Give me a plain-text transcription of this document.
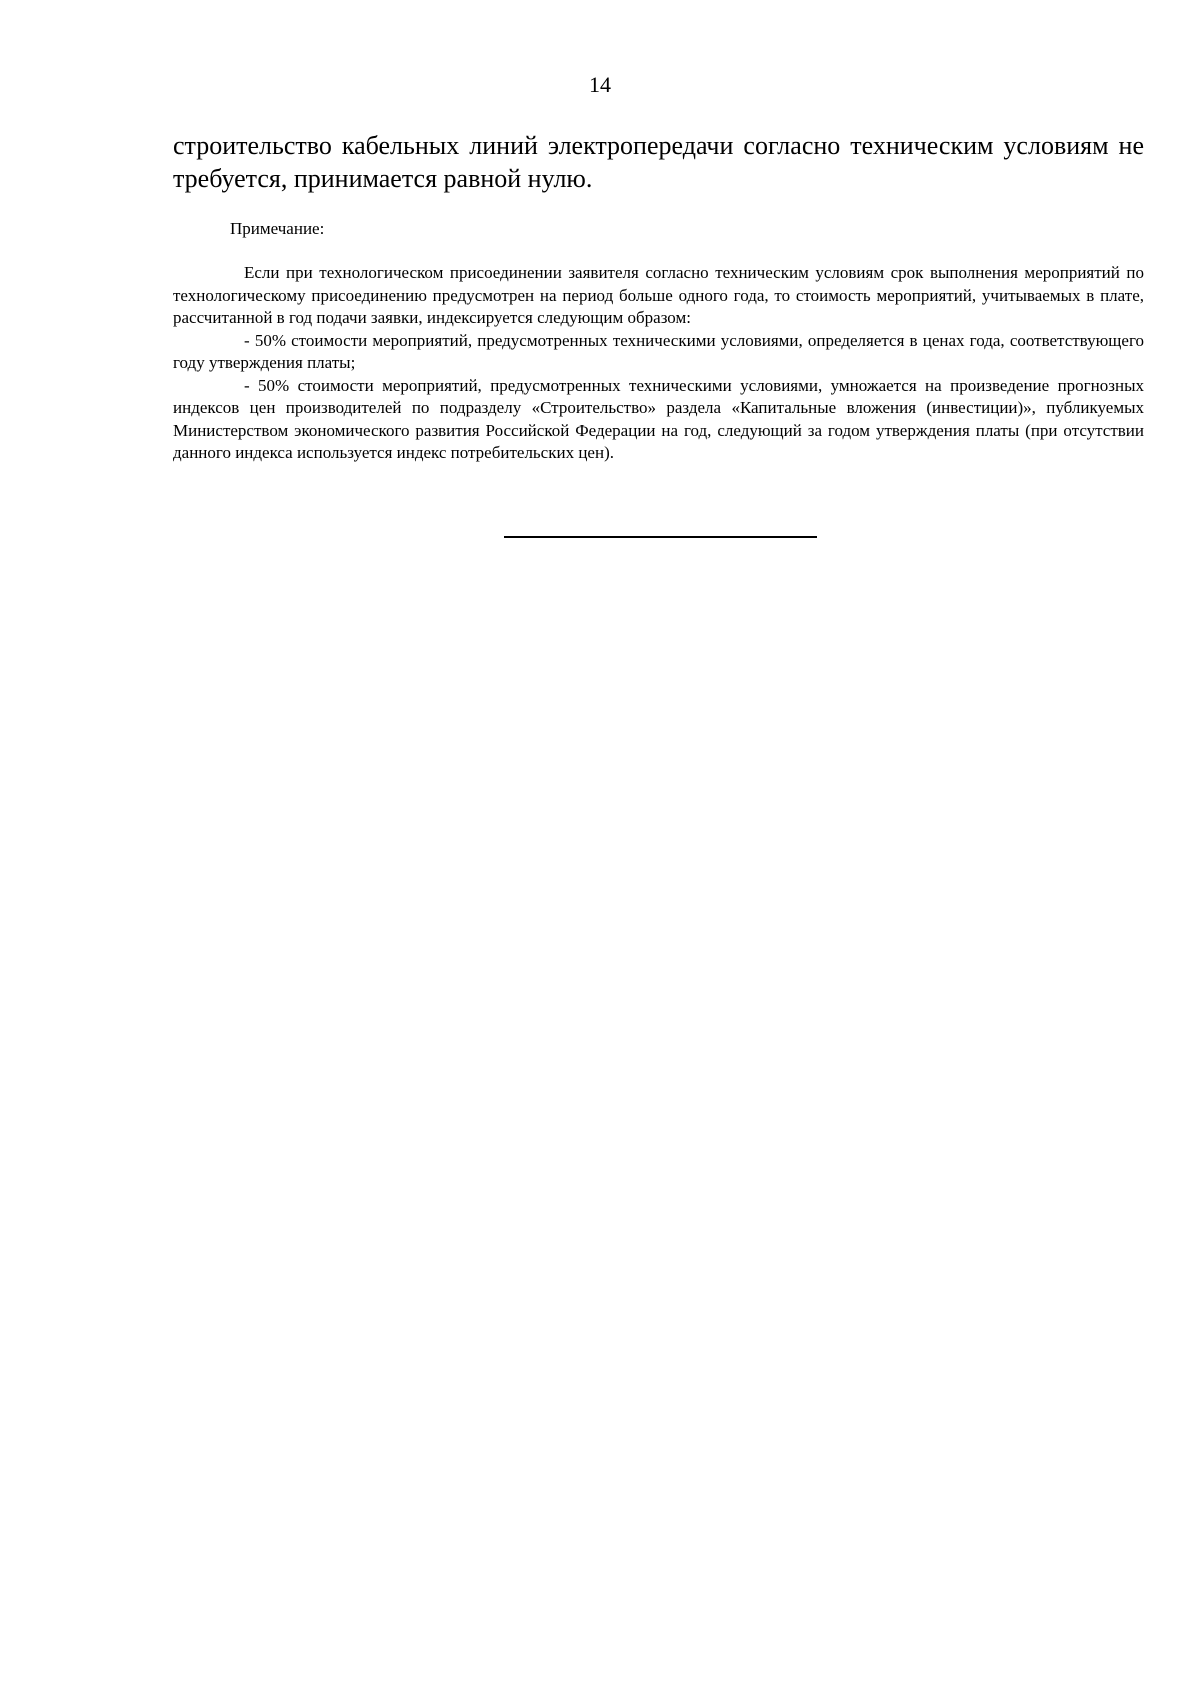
14

строительство кабельных линий электропередачи согласно техническим условиям не требуется, принимается равной нулю.

Примечание:

Если при технологическом присоединении заявителя согласно техническим условиям срок выполнения мероприятий по технологическому присоединению предусмотрен на период больше одного года, то стоимость мероприятий, учитываемых в плате, рассчитанной в год подачи заявки, индексируется следующим образом:

- 50% стоимости мероприятий, предусмотренных техническими условиями, определяется в ценах года, соответствующего году утверждения платы;

- 50% стоимости мероприятий, предусмотренных техническими условиями, умножается на произведение прогнозных индексов цен производителей по подразделу «Строительство» раздела «Капитальные вложения (инвестиции)», публикуемых Министерством экономического развития Российской Федерации на год, следующий за годом утверждения платы (при отсутствии данного индекса используется индекс потребительских цен).
